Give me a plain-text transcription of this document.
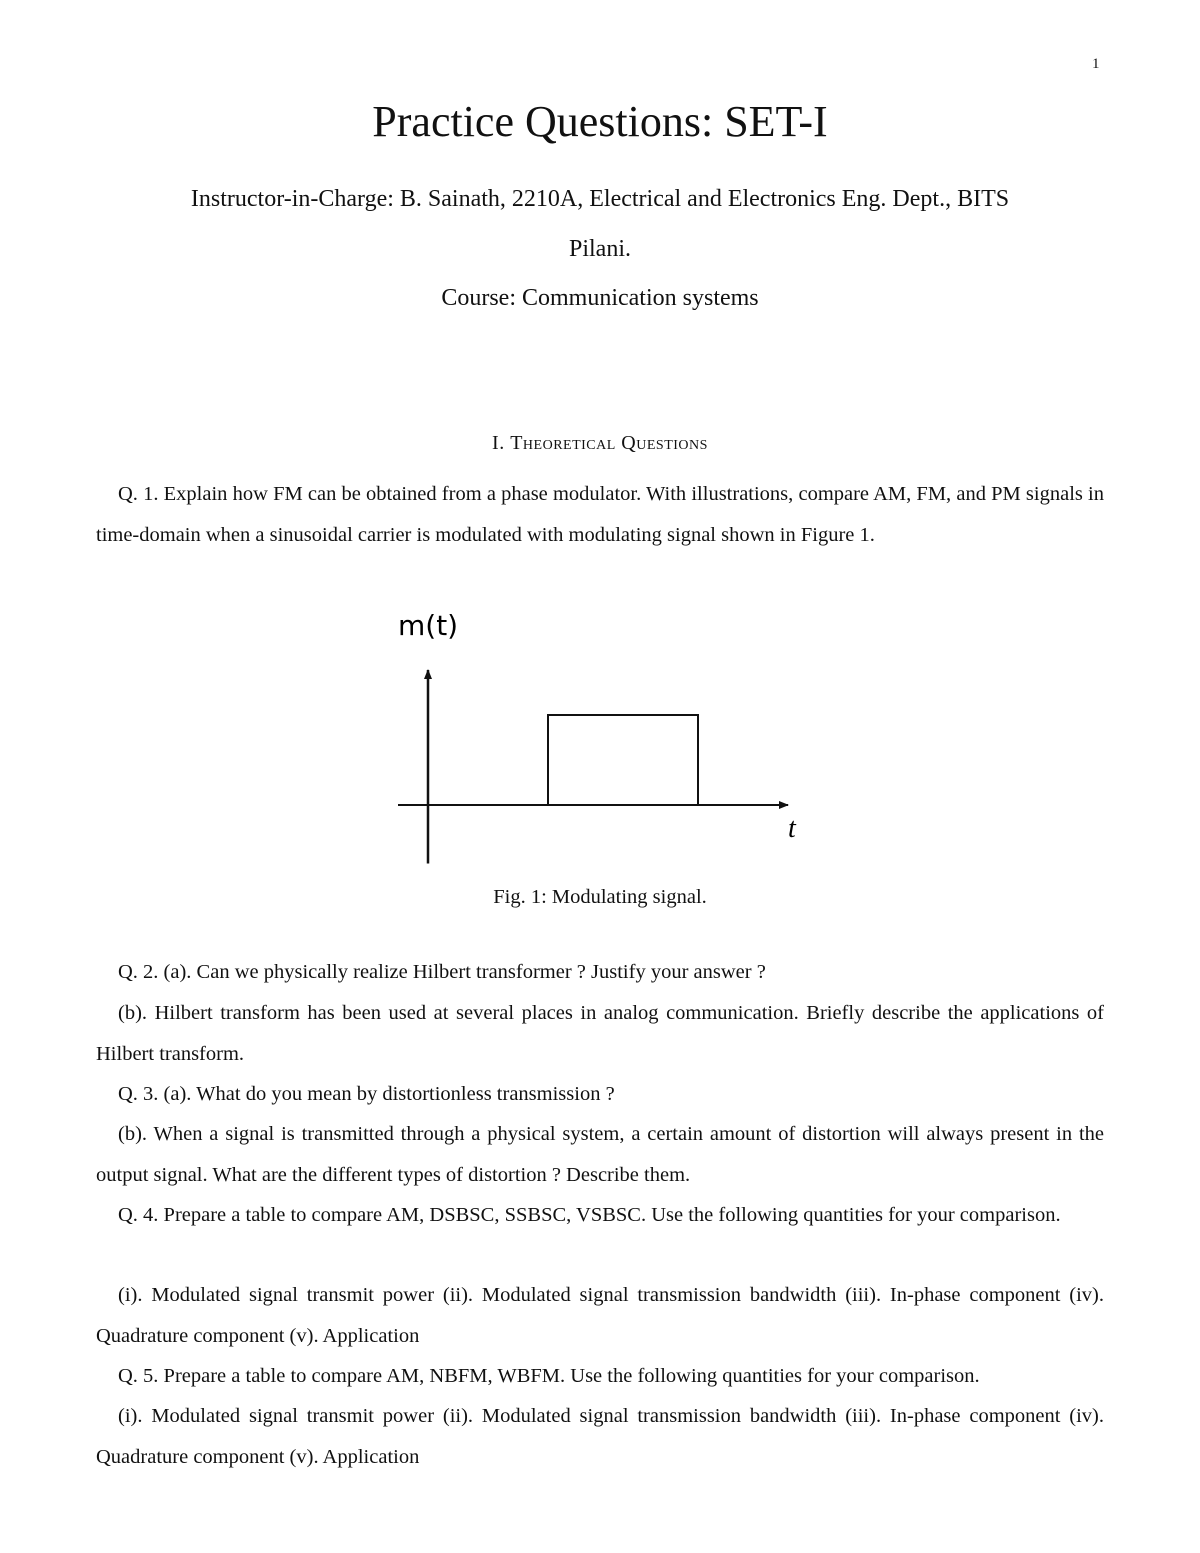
1
Practice Questions: SET-I
Instructor-in-Charge: B. Sainath, 2210A, Electrical and Electronics Eng. Dept., BITS
Pilani.
Course: Communication systems
I. Theoretical Questions

Q. 1. Explain how FM can be obtained from a phase modulator. With illustrations, compare AM, FM, and PM signals in time-domain when a sinusoidal carrier is modulated with modulating signal shown in Figure 1.

m(t)
t
Fig. 1: Modulating signal.

Q. 2. (a). Can we physically realize Hilbert transformer ? Justify your answer ?

(b). Hilbert transform has been used at several places in analog communication. Briefly describe the applications of Hilbert transform.

Q. 3. (a). What do you mean by distortionless transmission ?

(b). When a signal is transmitted through a physical system, a certain amount of distortion will always present in the output signal. What are the different types of distortion ? Describe them.

Q. 4. Prepare a table to compare AM, DSBSC, SSBSC, VSBSC. Use the following quantities for your comparison.

(i). Modulated signal transmit power (ii). Modulated signal transmission bandwidth (iii). In-phase component (iv). Quadrature component (v). Application

Q. 5. Prepare a table to compare AM, NBFM, WBFM. Use the following quantities for your comparison.

(i). Modulated signal transmit power (ii). Modulated signal transmission bandwidth (iii). In-phase component (iv). Quadrature component (v). Application
